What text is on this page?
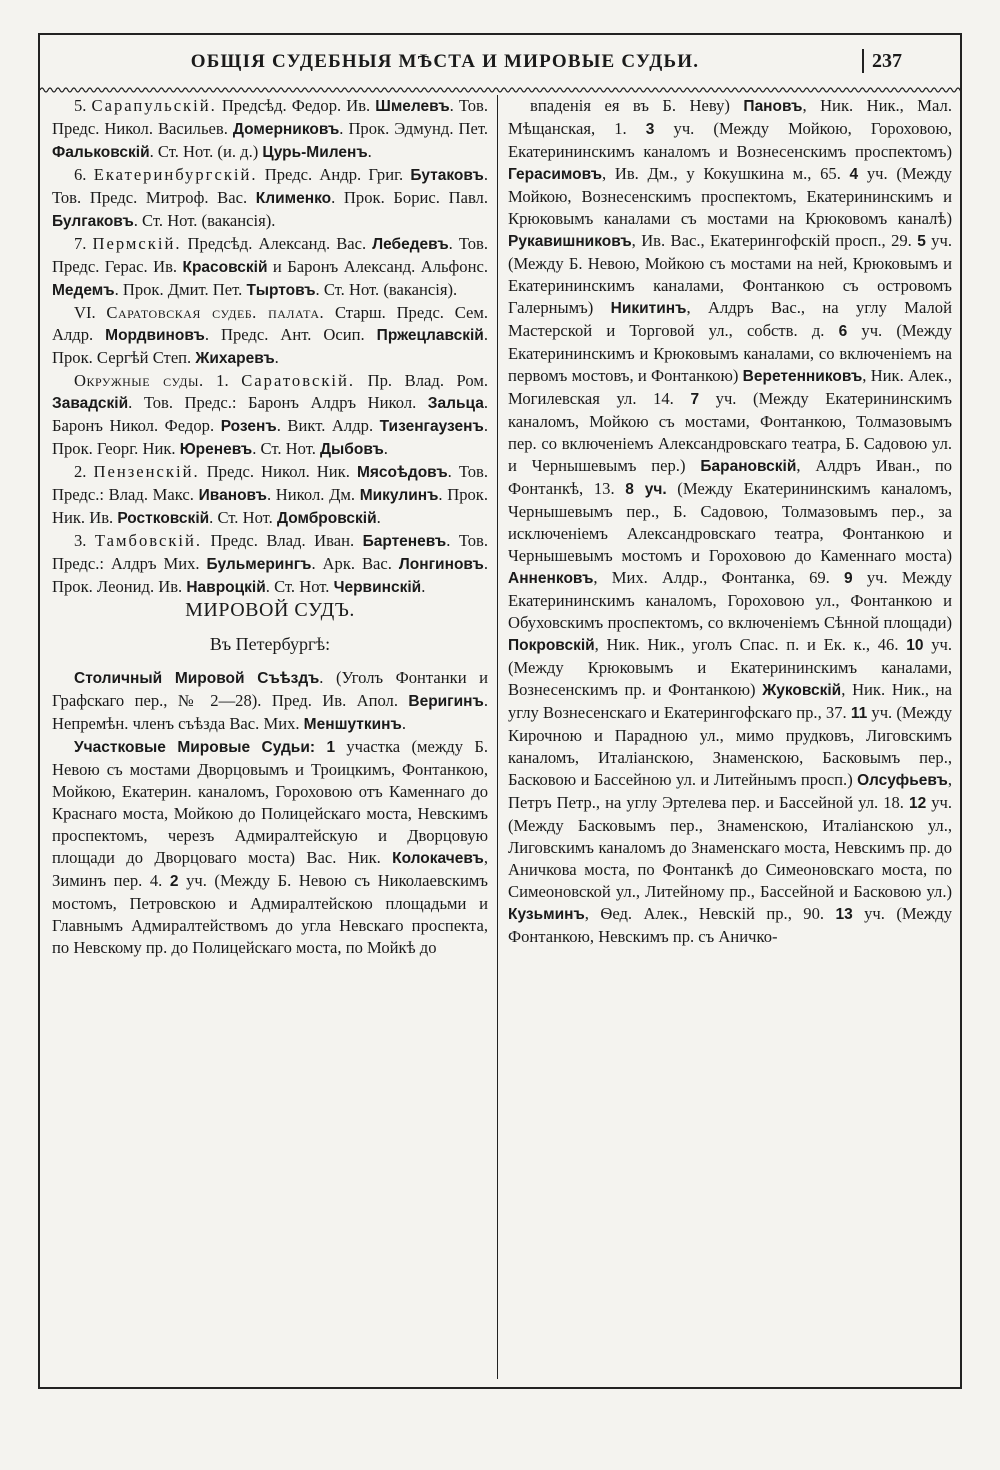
ОБЩІЯ СУДЕБНЫЯ МѢСТА И МИРОВЫЕ СУДЬИ.	237

5. Сарапульскій. Предсѣд. Федор. Ив. Шмелевъ. Тов. Предс. Никол. Васильев. Домерниковъ. Прок. Эдмунд. Пет. Фальковскій. Ст. Нот. (и. д.) Цурь-Миленъ.

6. Екатеринбургскій. Предс. Андр. Григ. Бутаковъ. Тов. Предс. Митроф. Вас. Клименко. Прок. Борис. Павл. Булгаковъ. Ст. Нот. (вакансія).

7. Пермскій. Предсѣд. Александ. Вас. Лебедевъ. Тов. Предс. Герас. Ив. Красовскій и Баронъ Александ. Альфонс. Медемъ. Прок. Дмит. Пет. Тыртовъ. Ст. Нот. (вакансія).

VI. Саратовская судеб. палата. Старш. Предс. Сем. Алдр. Мордвиновъ. Предс. Ант. Осип. Пржецлавскій. Прок. Сергѣй Степ. Жихаревъ.

Окружные суды. 1. Саратовскій. Пр. Влад. Ром. Завадскій. Тов. Предс.: Баронъ Алдръ Никол. Зальца. Баронъ Никол. Федор. Розенъ. Викт. Алдр. Тизенгаузенъ. Прок. Георг. Ник. Юреневъ. Ст. Нот. Дыбовъ.

2. Пензенскій. Предс. Никол. Ник. Мясоѣдовъ. Тов. Предс.: Влад. Макс. Ивановъ. Никол. Дм. Микулинъ. Прок. Ник. Ив. Ростковскій. Ст. Нот. Домбровскій.

3. Тамбовскій. Предс. Влад. Иван. Бартеневъ. Тов. Предс.: Алдръ Мих. Бульмерингъ. Арк. Вас. Лонгиновъ. Прок. Леонид. Ив. Навроцкій. Ст. Нот. Червинскій.

МИРОВОЙ СУДЪ.

Въ Петербургѣ:

Столичный Мировой Съѣздъ. (Уголъ Фонтанки и Графскаго пер., № 2—28). Пред. Ив. Апол. Веригинъ. Непремѣн. членъ съѣзда Вас. Мих. Меншуткинъ.

Участковые Мировые Судьи: 1 участка (между Б. Невою съ мостами Дворцовымъ и Троицкимъ, Фонтанкою, Мойкою, Екатерин. каналомъ, Гороховою отъ Каменнаго до Краснаго моста, Мойкою до Полицейскаго моста, Невскимъ проспектомъ, черезъ Адмиралтейскую и Дворцовую площади до Дворцоваго моста) Вас. Ник. Колокачевъ, Зиминъ пер. 4. 2 уч. (Между Б. Невою съ Николаевскимъ мостомъ, Петровскою и Адмиралтейскою площадьми и Главнымъ Адмиралтействомъ до угла Невскаго проспекта, по Невскому пр. до Полицейскаго моста, по Мойкѣ до

впаденія ея въ Б. Неву) Пановъ, Ник. Ник., Мал. Мѣщанская, 1. 3 уч. (Между Мойкою, Гороховою, Екатерининскимъ каналомъ и Вознесенскимъ проспектомъ) Герасимовъ, Ив. Дм., у Кокушкина м., 65. 4 уч. (Между Мойкою, Вознесенскимъ проспектомъ, Екатерининскимъ и Крюковымъ каналами съ мостами на Крюковомъ каналѣ) Рукавишниковъ, Ив. Вас., Екатерингофскій просп., 29. 5 уч. (Между Б. Невою, Мойкою съ мостами на ней, Крюковымъ и Екатерининскимъ каналами, Фонтанкою съ островомъ Галернымъ) Никитинъ, Алдръ Вас., на углу Малой Мастерской и Торговой ул., собств. д. 6 уч. (Между Екатерининскимъ и Крюковымъ каналами, со включеніемъ на первомъ мостовъ, и Фонтанкою) Веретенниковъ, Ник. Алек., Могилевская ул. 14. 7 уч. (Между Екатерининскимъ каналомъ, Мойкою съ мостами, Фонтанкою, Толмазовымъ пер. со включеніемъ Александровскаго театра, Б. Садовою ул. и Чернышевымъ пер.) Барановскій, Алдръ Иван., по Фонтанкѣ, 13. 8 уч. (Между Екатерининскимъ каналомъ, Чернышевымъ пер., Б. Садовою, Толмазовымъ пер., за исключеніемъ Александровскаго театра, Фонтанкою и Чернышевымъ мостомъ и Гороховою до Каменнаго моста) Анненковъ, Мих. Алдр., Фонтанка, 69. 9 уч. Между Екатерининскимъ каналомъ, Гороховою ул., Фонтанкою и Обуховскимъ проспектомъ, со включеніемъ Сѣнной площади) Покровскій, Ник. Ник., уголъ Спас. п. и Ек. к., 46. 10 уч. (Между Крюковымъ и Екатерининскимъ каналами, Вознесенскимъ пр. и Фонтанкою) Жуковскій, Ник. Ник., на углу Вознесенскаго и Екатерингофскаго пр., 37. 11 уч. (Между Кирочною и Парадною ул., мимо прудковъ, Лиговскимъ каналомъ, Италіанскою, Знаменскою, Басковымъ пер., Басковою и Бассейною ул. и Литейнымъ просп.) Олсуфьевъ, Петръ Петр., на углу Эртелева пер. и Бассейной ул. 18. 12 уч. (Между Басковымъ пер., Знаменскою, Италіанскою ул., Лиговскимъ каналомъ до Знаменскаго моста, Невскимъ пр. до Аничкова моста, по Фонтанкѣ до Симеоновскаго моста, по Симеоновской ул., Литейному пр., Бассейной и Басковою ул.) Кузьминъ, Ѳед. Алек., Невскій пр., 90. 13 уч. (Между Фонтанкою, Невскимъ пр. съ Аничко-
